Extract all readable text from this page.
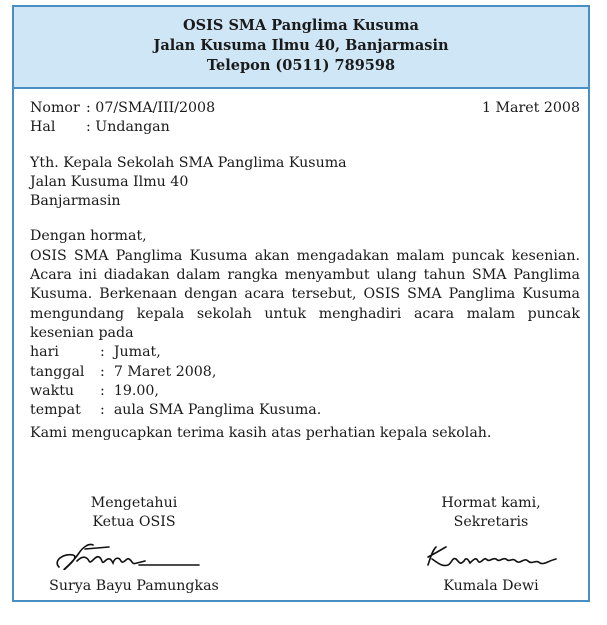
OSIS SMA Panglima Kusuma
Jalan Kusuma Ilmu 40, Banjarmasin
Telepon (0511) 789598
Nomor : 07/SMA/III/2008	1 Maret 2008
Hal : Undangan
Yth. Kepala Sekolah SMA Panglima Kusuma
Jalan Kusuma Ilmu 40
Banjarmasin
Dengan hormat,
OSIS SMA Panglima Kusuma akan mengadakan malam puncak kesenian.
Acara ini diadakan dalam rangka menyambut ulang tahun SMA Panglima
Kusuma. Berkenaan dengan acara tersebut, OSIS SMA Panglima Kusuma
mengundang kepala sekolah untuk menghadiri acara malam puncak
kesenian pada
hari	:  Jumat,
tanggal :  7 Maret 2008,
waktu :  19.00,
tempat :  aula SMA Panglima Kusuma.
Kami mengucapkan terima kasih atas perhatian kepala sekolah.
Mengetahui
Ketua OSIS
Surya Bayu Pamungkas
Hormat kami,
Sekretaris
Kumala Dewi
